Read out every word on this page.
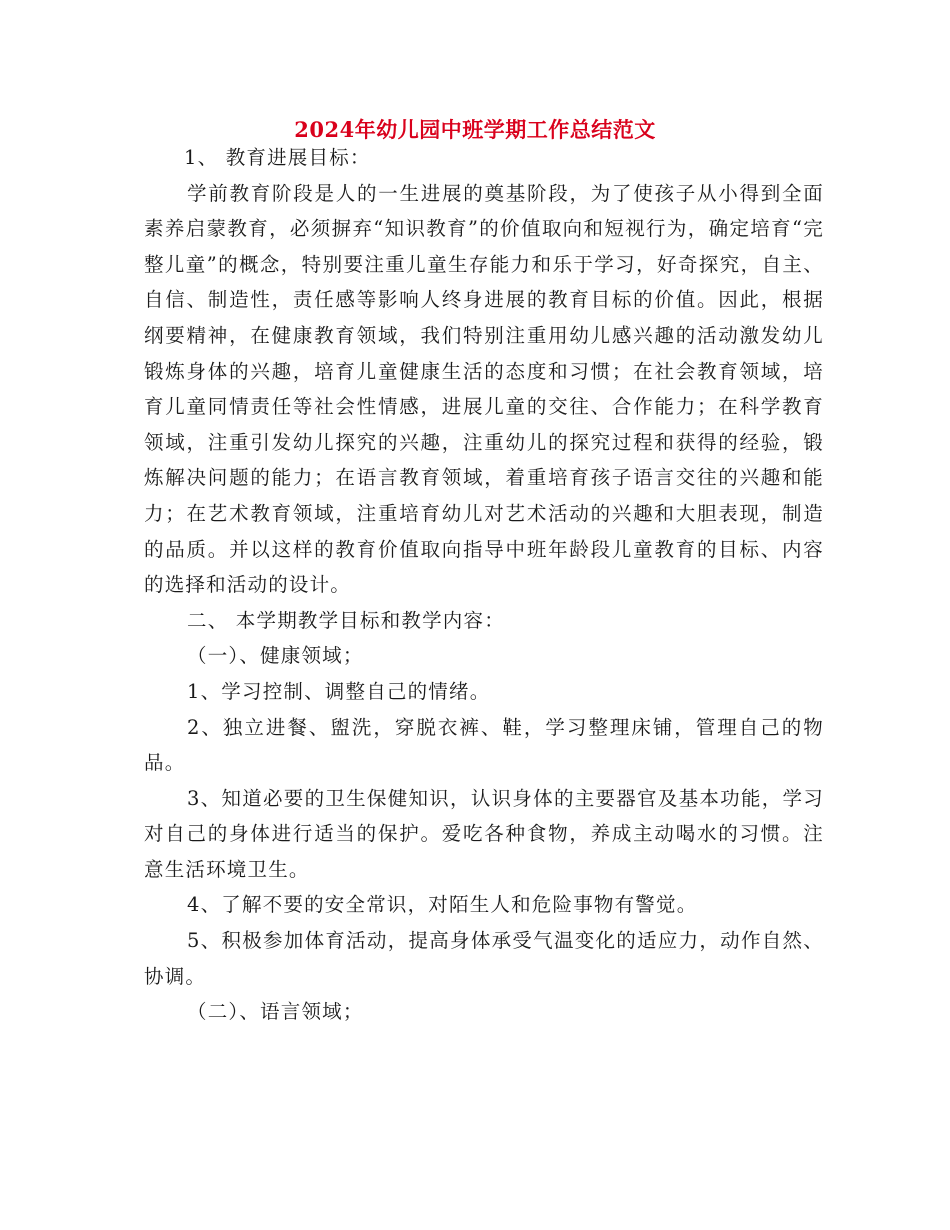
2024年幼儿园中班学期工作总结范文

1、 教育进展目标：

学前教育阶段是人的一生进展的奠基阶段，为了使孩子从小得到全面素养启蒙教育，必须摒弃“知识教育”的价值取向和短视行为，确定培育“完整儿童”的概念，特别要注重儿童生存能力和乐于学习，好奇探究，自主、自信、制造性，责任感等影响人终身进展的教育目标的价值。因此，根据纲要精神，在健康教育领域，我们特别注重用幼儿感兴趣的活动激发幼儿锻炼身体的兴趣，培育儿童健康生活的态度和习惯；在社会教育领域，培育儿童同情责任等社会性情感，进展儿童的交往、合作能力；在科学教育领域，注重引发幼儿探究的兴趣，注重幼儿的探究过程和获得的经验，锻炼解决问题的能力；在语言教育领域，着重培育孩子语言交往的兴趣和能力；在艺术教育领域，注重培育幼儿对艺术活动的兴趣和大胆表现，制造的品质。并以这样的教育价值取向指导中班年龄段儿童教育的目标、内容的选择和活动的设计。

二、 本学期教学目标和教学内容：

（一）、健康领域；

1、学习控制、调整自己的情绪。

2、独立进餐、盥洗，穿脱衣裤、鞋，学习整理床铺，管理自己的物品。

3、知道必要的卫生保健知识，认识身体的主要器官及基本功能，学习对自己的身体进行适当的保护。爱吃各种食物，养成主动喝水的习惯。注意生活环境卫生。

4、了解不要的安全常识，对陌生人和危险事物有警觉。

5、积极参加体育活动，提高身体承受气温变化的适应力，动作自然、协调。

（二）、语言领域；
